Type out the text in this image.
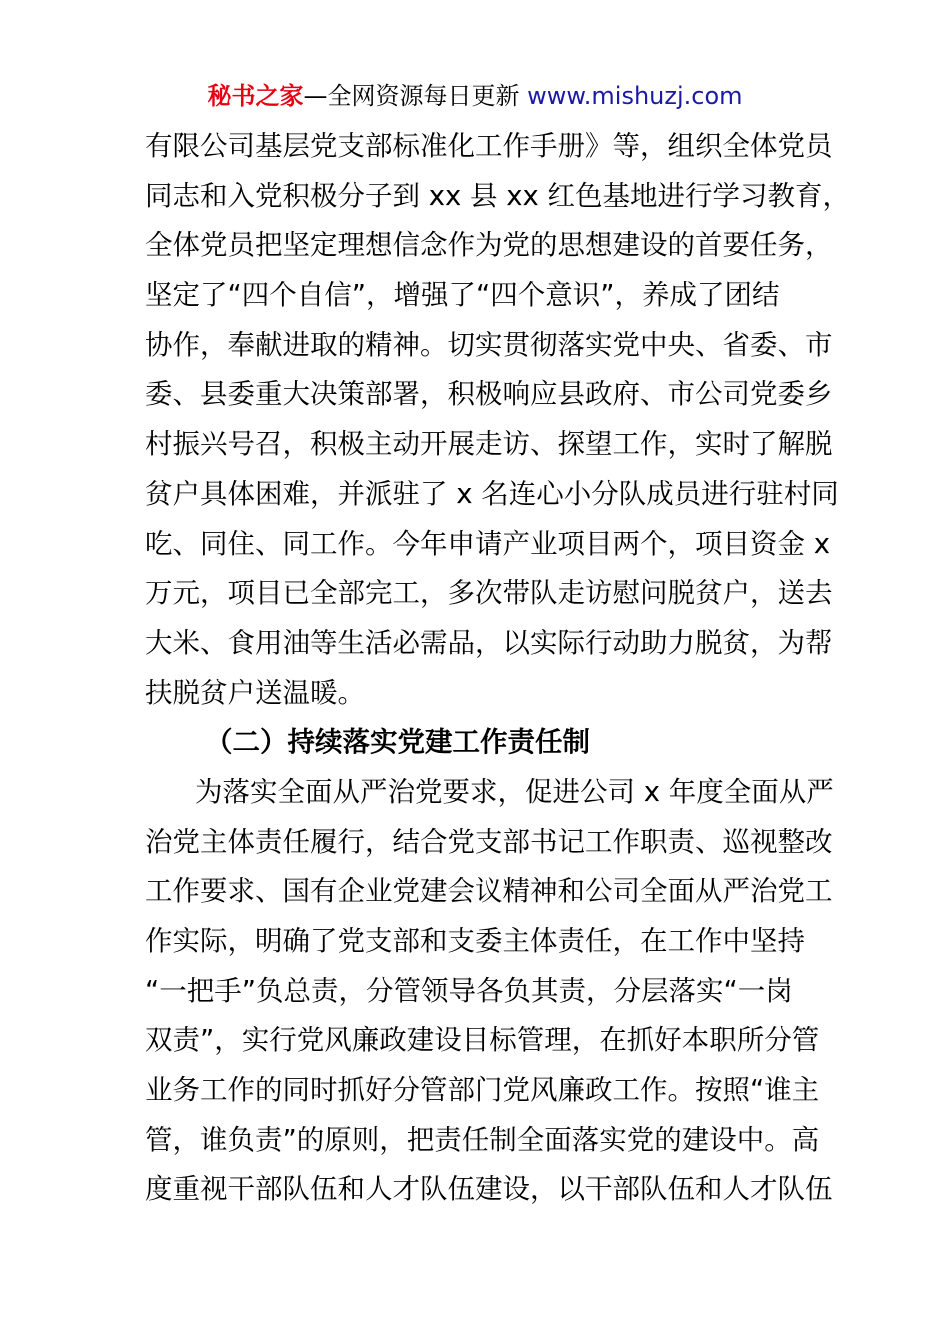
秘书之家—全网资源每日更新 www.mishuzj.com
有限公司基层党支部标准化工作手册》等，组织全体党员
同志和入党积极分子到 xx 县 xx 红色基地进行学习教育，
全体党员把坚定理想信念作为党的思想建设的首要任务，
坚定了“四个自信”，增强了“四个意识”，养成了团结
协作，奉献进取的精神。切实贯彻落实党中央、省委、市
委、县委重大决策部署，积极响应县政府、市公司党委乡
村振兴号召，积极主动开展走访、探望工作，实时了解脱
贫户具体困难，并派驻了 x 名连心小分队成员进行驻村同
吃、同住、同工作。今年申请产业项目两个，项目资金 x
万元，项目已全部完工，多次带队走访慰问脱贫户，送去
大米、食用油等生活必需品，以实际行动助力脱贫，为帮
扶脱贫户送温暖。
（二）持续落实党建工作责任制
为落实全面从严治党要求，促进公司 x 年度全面从严
治党主体责任履行，结合党支部书记工作职责、巡视整改
工作要求、国有企业党建会议精神和公司全面从严治党工
作实际，明确了党支部和支委主体责任，在工作中坚持
“一把手”负总责，分管领导各负其责，分层落实“一岗
双责”，实行党风廉政建设目标管理，在抓好本职所分管
业务工作的同时抓好分管部门党风廉政工作。按照“谁主
管，谁负责”的原则，把责任制全面落实党的建设中。高
度重视干部队伍和人才队伍建设，以干部队伍和人才队伍
